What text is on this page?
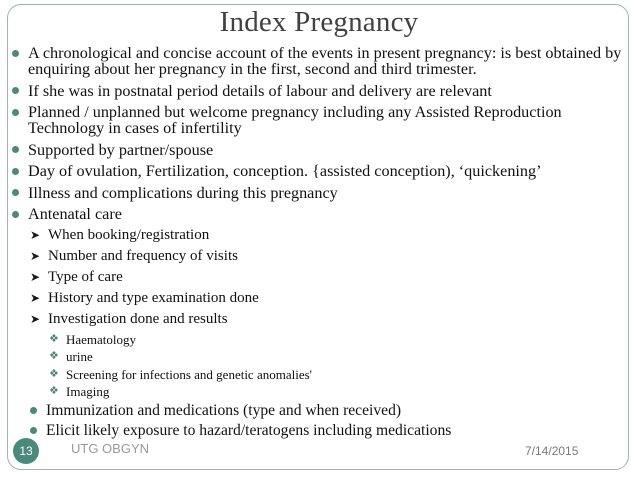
Index Pregnancy
A chronological and concise account of the events in present pregnancy: is best obtained by enquiring about her pregnancy in the first, second and third trimester.
If she was in postnatal period details of labour and delivery are relevant
Planned / unplanned but welcome pregnancy including any Assisted Reproduction Technology in cases of infertility
Supported by partner/spouse
Day of ovulation, Fertilization, conception. {assisted conception), ‘quickening’
Illness and complications during this pregnancy
Antenatal care
➤ When booking/registration
➤ Number and frequency of visits
➤ Type of care
➤ History and type examination done
➤ Investigation done and results
❖ Haematology
❖ urine
❖ Screening for infections and genetic anomalies'
❖ Imaging
Immunization and medications (type and when received)
Elicit likely exposure to hazard/teratogens including medications
13	UTG OBGYN	7/14/2015
